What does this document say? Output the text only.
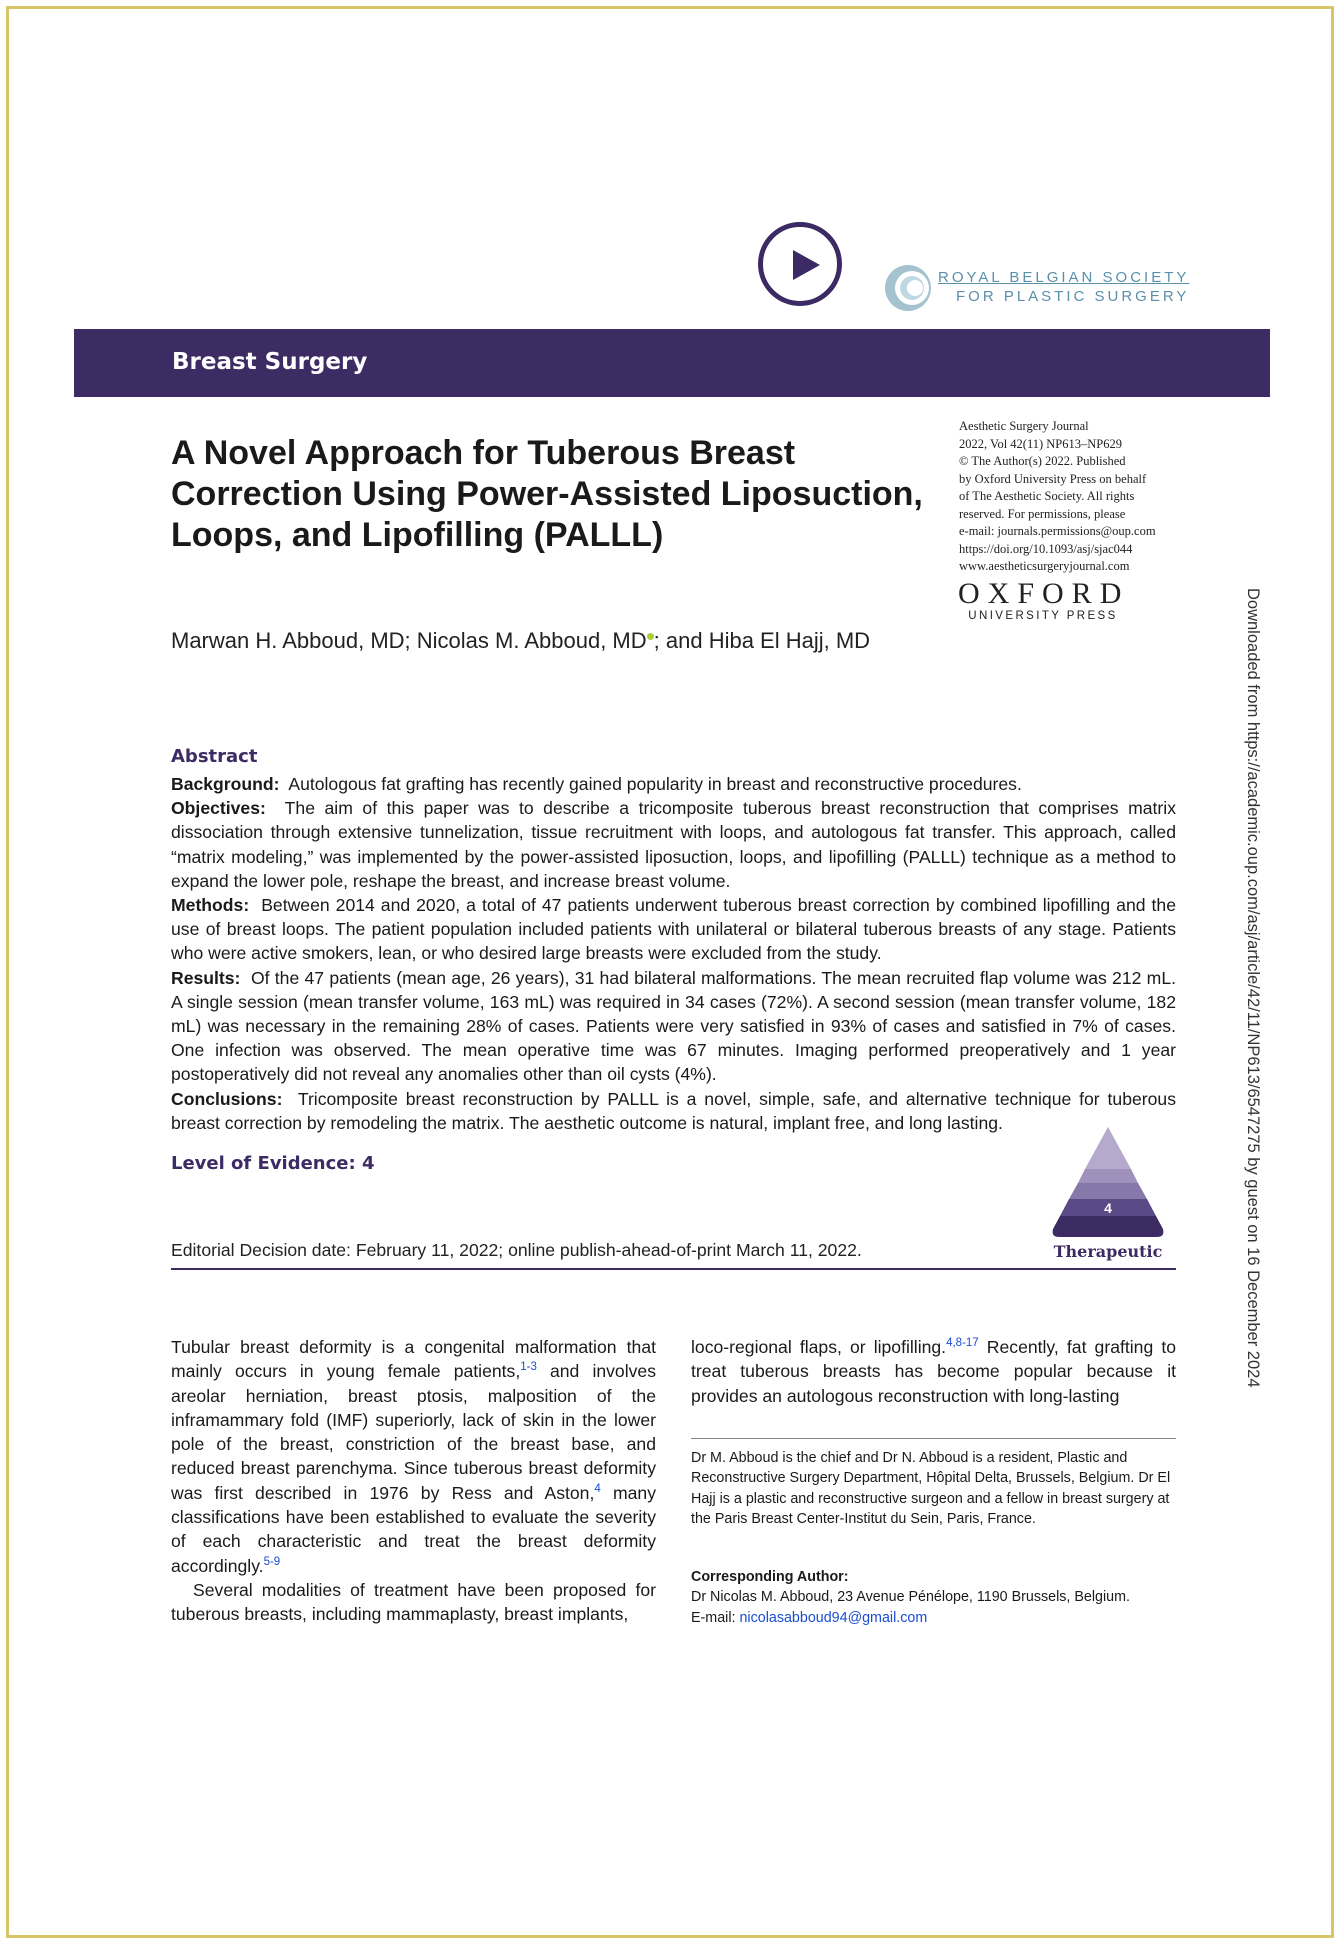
ROYAL BELGIAN SOCIETY
FOR PLASTIC SURGERY
Breast Surgery
A Novel Approach for Tuberous Breast
Correction Using Power-Assisted Liposuction,
Loops, and Lipofilling (PALLL)
Aesthetic Surgery Journal
2022, Vol 42(11) NP613–NP629
© The Author(s) 2022. Published
by Oxford University Press on behalf
of The Aesthetic Society. All rights
reserved. For permissions, please
e-mail: journals.permissions@oup.com
https://doi.org/10.1093/asj/sjac044
www.aestheticsurgeryjournal.com
OXFORD
UNIVERSITY PRESS
Marwan H. Abboud, MD; Nicolas M. Abboud, MD ; and Hiba El Hajj, MD	Downloaded from https://academic.oup.com/asj/article/42/11/NP613/6547275 by guest on 16 December 2024
Abstract

Background: Autologous fat grafting has recently gained popularity in breast and reconstructive procedures.

Objectives: The aim of this paper was to describe a tricomposite tuberous breast reconstruction that comprises matrix dissociation through extensive tunnelization, tissue recruitment with loops, and autologous fat transfer. This approach, called “matrix modeling,” was implemented by the power-assisted liposuction, loops, and lipofilling (PALLL) technique as a method to expand the lower pole, reshape the breast, and increase breast volume.

Methods: Between 2014 and 2020, a total of 47 patients underwent tuberous breast correction by combined lipofilling and the use of breast loops. The patient population included patients with unilateral or bilateral tuberous breasts of any stage. Patients who were active smokers, lean, or who desired large breasts were excluded from the study.

Results: Of the 47 patients (mean age, 26 years), 31 had bilateral malformations. The mean recruited flap volume was 212 mL. A single session (mean transfer volume, 163 mL) was required in 34 cases (72%). A second session (mean transfer volume, 182 mL) was necessary in the remaining 28% of cases. Patients were very satisfied in 93% of cases and satisfied in 7% of cases. One infection was observed. The mean operative time was 67 minutes. Imaging performed preoperatively and 1 year postoperatively did not reveal any anomalies other than oil cysts (4%).

Conclusions: Tricomposite breast reconstruction by PALLL is a novel, simple, safe, and alternative technique for tuberous breast correction by remodeling the matrix. The aesthetic outcome is natural, implant free, and long lasting.

Level of Evidence: 4
4
Therapeutic
Editorial Decision date: February 11, 2022; online publish-ahead-of-print March 11, 2022.

Tubular breast deformity is a congenital malformation that mainly occurs in young female patients,$^{1-3}$ and involves areolar herniation, breast ptosis, malposition of the inframammary fold (IMF) superiorly, lack of skin in the lower pole of the breast, constriction of the breast base, and reduced breast parenchyma. Since tuberous breast deformity was first described in 1976 by Ress and Aston,$^4$ many classifications have been established to evaluate the severity of each characteristic and treat the breast deformity accordingly.$^{5-9}$

Several modalities of treatment have been proposed for tuberous breasts, including mammaplasty, breast implants,

loco-regional flaps, or lipofilling.$^{4,8-17}$ Recently, fat grafting to treat tuberous breasts has become popular because it provides an autologous reconstruction with long-lasting

Dr M. Abboud is the chief and Dr N. Abboud is a resident, Plastic and Reconstructive Surgery Department, Hôpital Delta, Brussels, Belgium. Dr El Hajj is a plastic and reconstructive surgeon and a fellow in breast surgery at the Paris Breast Center-Institut du Sein, Paris, France.

Corresponding Author:
Dr Nicolas M. Abboud, 23 Avenue Pénélope, 1190 Brussels, Belgium.
E-mail: nicolasabboud94@gmail.com
